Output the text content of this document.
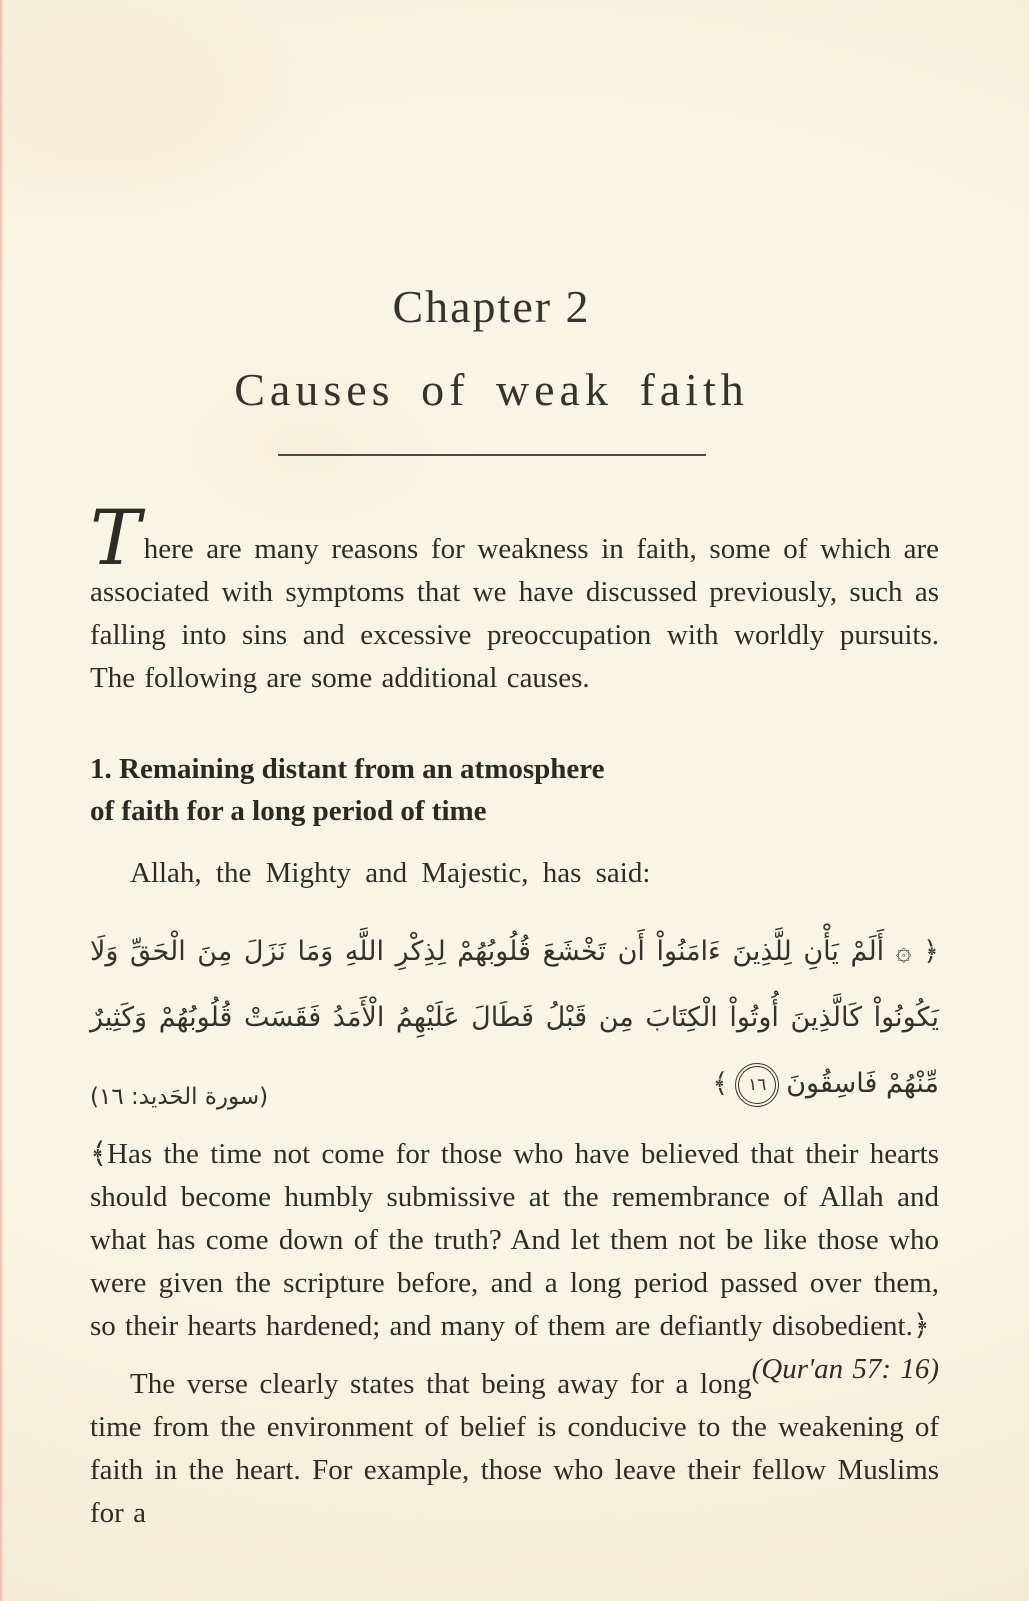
Chapter 2
Causes of weak faith

There are many reasons for weakness in faith, some of which are associated with symptoms that we have discussed previously, such as falling into sins and excessive preoccupation with worldly pursuits. The following are some additional causes.

1. Remaining distant from an atmosphere
of faith for a long period of time

Allah, the Mighty and Majestic, has said:

﴿ ۞ أَلَمْ يَأْنِ لِلَّذِينَ ءَامَنُواْ أَن تَخْشَعَ قُلُوبُهُمْ لِذِكْرِ اللَّهِ وَمَا نَزَلَ مِنَ الْحَقِّ وَلَا
يَكُونُواْ كَالَّذِينَ أُوتُواْ الْكِتَابَ مِن قَبْلُ فَطَالَ عَلَيْهِمُ الْأَمَدُ فَقَسَتْ قُلُوبُهُمْ وَكَثِيرٌ
مِّنْهُمْ فَاسِقُونَ
١٦
﴾
(سورة الحَديد: ١٦)

﴾Has the time not come for those who have believed that their hearts should become humbly submissive at the remembrance of Allah and what has come down of the truth? And let them not be like those who were given the scripture before, and a long period passed over them, so their hearts hardened; and many of them are defiantly disobedient.﴿
(Qur'an 57: 16)

The verse clearly states that being away for a long time from the environment of belief is conducive to the weakening of faith in the heart. For example, those who leave their fellow Muslims for a
